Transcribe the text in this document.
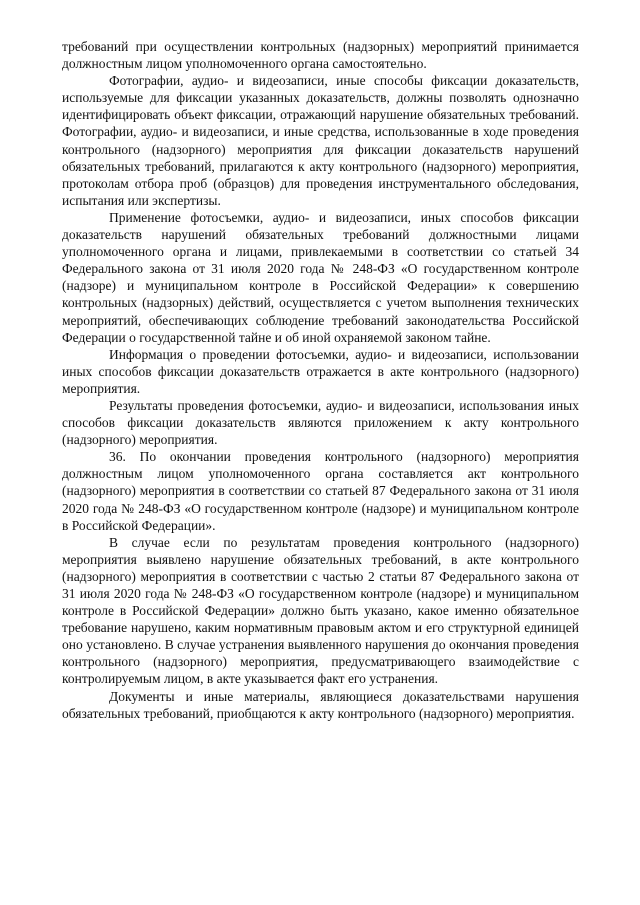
требований при осуществлении контрольных (надзорных) мероприятий принимается должностным лицом уполномоченного органа самостоятельно.

Фотографии, аудио- и видеозаписи, иные способы фиксации доказательств, используемые для фиксации указанных доказательств, должны позволять однозначно идентифицировать объект фиксации, отражающий нарушение обязательных требований. Фотографии, аудио- и видеозаписи, и иные средства, использованные в ходе проведения контрольного (надзорного) мероприятия для фиксации доказательств нарушений обязательных требований, прилагаются к акту контрольного (надзорного) мероприятия, протоколам отбора проб (образцов) для проведения инструментального обследования, испытания или экспертизы.

Применение фотосъемки, аудио- и видеозаписи, иных способов фиксации доказательств нарушений обязательных требований должностными лицами уполномоченного органа и лицами, привлекаемыми в соответствии со статьей 34 Федерального закона от 31 июля 2020 года № 248-ФЗ «О государственном контроле (надзоре) и муниципальном контроле в Российской Федерации» к совершению контрольных (надзорных) действий, осуществляется с учетом выполнения технических мероприятий, обеспечивающих соблюдение требований законодательства Российской Федерации о государственной тайне и об иной охраняемой законом тайне.

Информация о проведении фотосъемки, аудио- и видеозаписи, использовании иных способов фиксации доказательств отражается в акте контрольного (надзорного) мероприятия.

Результаты проведения фотосъемки, аудио- и видеозаписи, использования иных способов фиксации доказательств являются приложением к акту контрольного (надзорного) мероприятия.

36. По окончании проведения контрольного (надзорного) мероприятия должностным лицом уполномоченного органа составляется акт контрольного (надзорного) мероприятия в соответствии со статьей 87 Федерального закона от 31 июля 2020 года № 248-ФЗ «О государственном контроле (надзоре) и муниципальном контроле в Российской Федерации».

В случае если по результатам проведения контрольного (надзорного) мероприятия выявлено нарушение обязательных требований, в акте контрольного (надзорного) мероприятия в соответствии с частью 2 статьи 87 Федерального закона от 31 июля 2020 года № 248-ФЗ «О государственном контроле (надзоре) и муниципальном контроле в Российской Федерации» должно быть указано, какое именно обязательное требование нарушено, каким нормативным правовым актом и его структурной единицей оно установлено. В случае устранения выявленного нарушения до окончания проведения контрольного (надзорного) мероприятия, предусматривающего взаимодействие с контролируемым лицом, в акте указывается факт его устранения.

Документы и иные материалы, являющиеся доказательствами нарушения обязательных требований, приобщаются к акту контрольного (надзорного) мероприятия.
